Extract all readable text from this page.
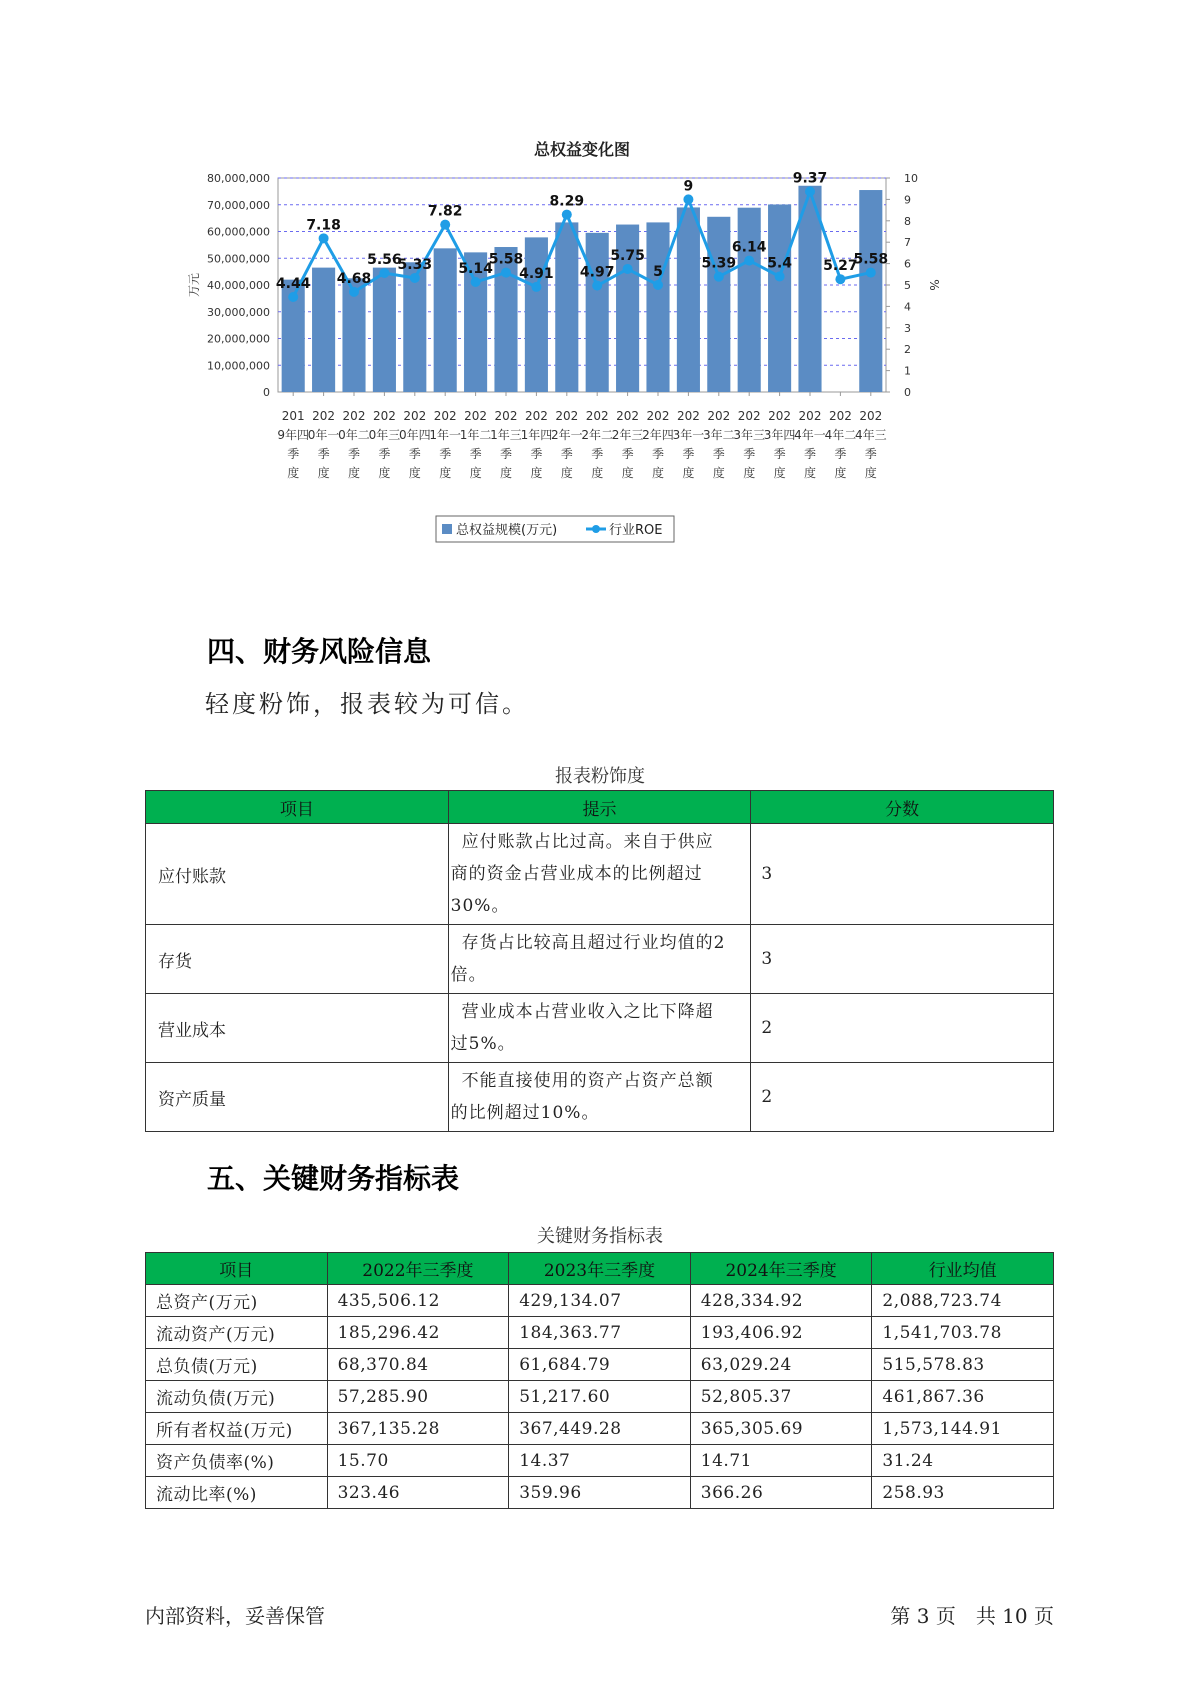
总权益变化图
0
10,000,000
20,000,000
30,000,000
40,000,000
50,000,000
60,000,000
70,000,000
80,000,000
0
1
2
3
4
5
6
7
8
9
10
万元	%
201 9年四季度
202 0年一季度
202 0年二季度
202 0年三季度
202 0年四季度
202 1年一季度
202 1年二季度
202 1年三季度
202 1年四季度
202 2年一季度
202 2年二季度
202 2年三季度
202 2年四季度
202 3年一季度
202 3年二季度
202 3年三季度
202 3年四季度
202 4年一季度
202 4年二季度
202 4年三季度
4.44
7.18
4.68
5.56
5.33
7.82
5.14
5.58
4.91
8.29
4.97
5.75
5
9
5.39
6.14
5.4
9.37
5.27
5.58
总权益规模(万元)	行业ROE
四、财务风险信息
轻度粉饰，报表较为可信。
报表粉饰度
项目	提示	分数
应付账款	应付账款占比过高。来自于供应
商的资金占营业成本的比例超过
30%。	3
存货	存货占比较高且超过行业均值的2
倍。	3
营业成本	营业成本占营业收入之比下降超
过5%。	2
资产质量	不能直接使用的资产占资产总额
的比例超过10%。	2
五、关键财务指标表
关键财务指标表
项目	2022年三季度	2023年三季度	2024年三季度	行业均值
总资产(万元)	435,506.12	429,134.07	428,334.92	2,088,723.74
流动资产(万元)	185,296.42	184,363.77	193,406.92	1,541,703.78
总负债(万元)	68,370.84	61,684.79	63,029.24	515,578.83
流动负债(万元)	57,285.90	51,217.60	52,805.37	461,867.36
所有者权益(万元)	367,135.28	367,449.28	365,305.69	1,573,144.91
资产负债率(%)	15.70	14.37	14.71	31.24
流动比率(%)	323.46	359.96	366.26	258.93
内部资料，妥善保管	第 3 页　共 10 页
